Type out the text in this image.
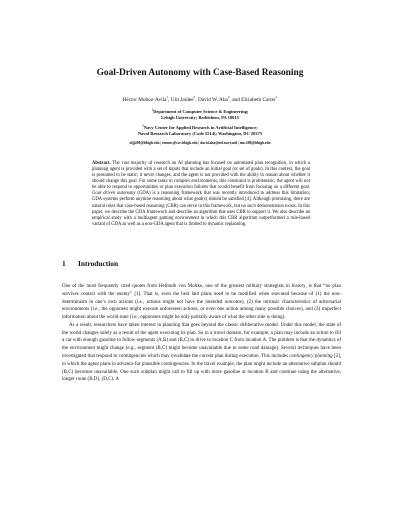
Goal-Driven Autonomy with Case-Based Reasoning
Héctor Muñoz-Avila$^1$, Ulit Jaidee$^1$, David W. Aha$^2$, and Elizabeth Carter$^1$
$^1$Department of Computer Science & Engineering;
Lehigh University; Bethlehem, PA 18015
$^2$Navy Center for Applied Research in Artificial Intelligence;
Naval Research Laboratory (Code 5514); Washington, DC 20375
uljj208@lehigh.edu | emmec@cse.lehigh.edu | david.aha@nrl.navy.mil | emc209@lehigh.edu
Abstract. The vast majority of research on AI planning has focused on automated plan recognition, in which a planning agent is provided with a set of inputs that include an initial goal (or set of goals). In this context, the goal is presumed to be static; it never changes, and the agent is not provided with the ability to reason about whether it should change this goal. For some tasks in complex environments, this constraint is problematic; the agent will not be able to respond to opportunities or plan execution failures that would benefit from focusing on a different goal. Goal driven autonomy (GDA) is a reasoning framework that was recently introduced to address this limitation; GDA systems perform anytime reasoning about what goal(s) should be satisfied [4]. Although promising, there are natural roles that case-based reasoning (CBR) can serve in this framework, but no such demonstration exists. In this paper, we describe the GDA framework and describe an algorithm that uses CBR to support it. We also describe an empirical study with a multiagent gaming environment in which this CBR algorithm outperformed a rule-based variant of GDA as well as a non-GDA agent that is limited to dynamic replanning.
1 Introduction

One of the most frequently cited quotes from Helmuth von Moltke, one of the greatest military strategists in history, is that “no plan survives contact with the enemy” [1]. That is, even the best laid plans need to be modified when executed because of (1) the non-determinism in one’s own actions (i.e., actions might not have the intended outcome), (2) the intrinsic characteristics of adversarial environments (i.e., the opponent might execute unforeseen actions, or even one action among many possible choices), and (3) imperfect information about the world state (i.e., opponents might be only partially aware of what the other side is doing).

As a result, researchers have taken interest in planning that goes beyond the classic deliberative model. Under this model, the state of the world changes solely as a result of the agent executing its plan. So in a travel domain, for example, a plan may include an action to fill a car with enough gasoline to follow segments (A,B) and (B,C) to drive to location C from location A. The problem is that the dynamics of the environment might change (e.g., segment (B,C) might become unavailable due to some road damage). Several techniques have been investigated that respond to contingencies which may invalidate the current plan during execution. This includes contingency planning [2], in which the agent plans in advance for plausible contingencies. In the travel example, the plan might include an alternative subplan should (B,C) becomes unavailable. One such subplan might call to fill up with more gasoline at location B and continue using the alternative, longer route (B,D), (D,C). A
